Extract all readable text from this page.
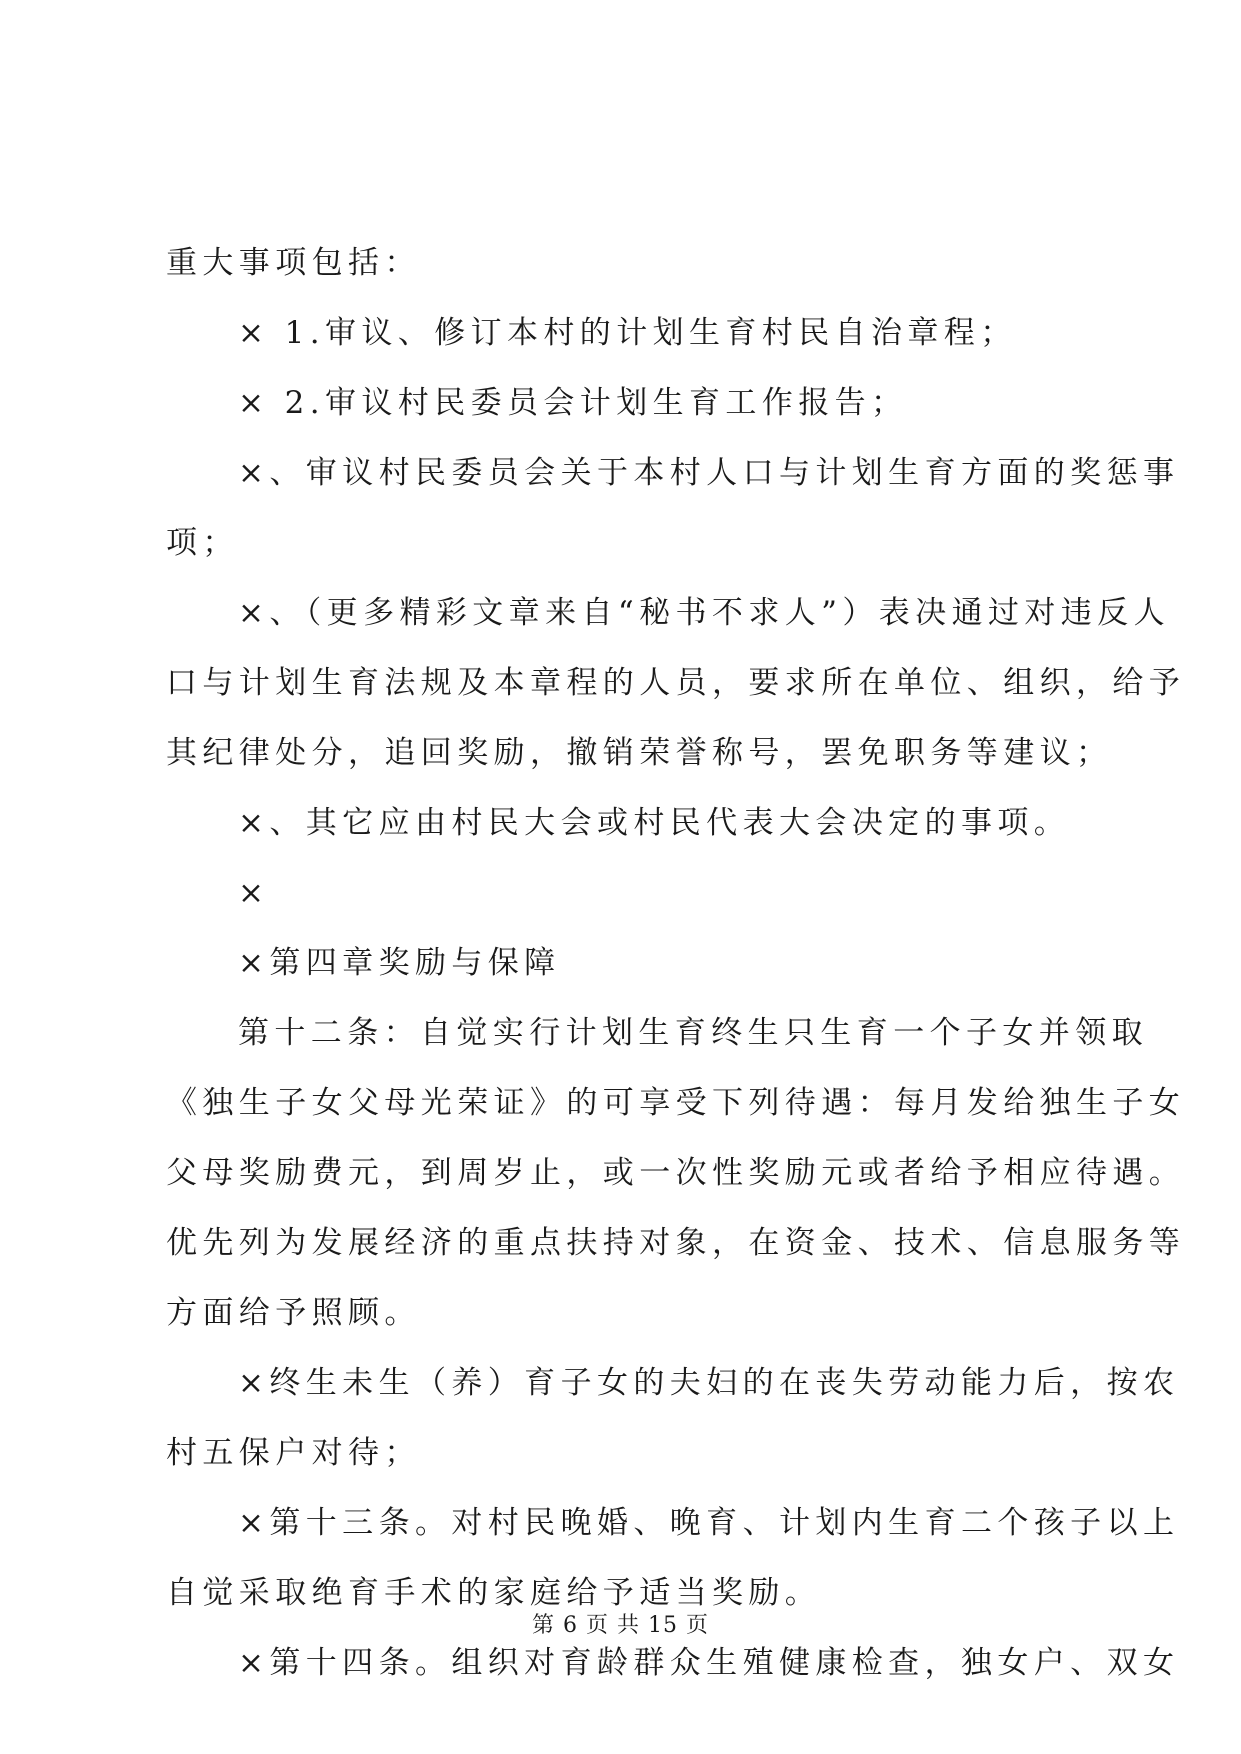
重大事项包括：
× 1.审议、修订本村的计划生育村民自治章程；
× 2.审议村民委员会计划生育工作报告；
×、审议村民委员会关于本村人口与计划生育方面的奖惩事
项；
×、（更多精彩文章来自“秘书不求人”）表决通过对违反人
口与计划生育法规及本章程的人员，要求所在单位、组织，给予
其纪律处分，追回奖励，撤销荣誉称号，罢免职务等建议；
×、其它应由村民大会或村民代表大会决定的事项。
×
×第四章奖励与保障
第十二条：自觉实行计划生育终生只生育一个子女并领取
《独生子女父母光荣证》的可享受下列待遇：每月发给独生子女
父母奖励费元，到周岁止，或一次性奖励元或者给予相应待遇。
优先列为发展经济的重点扶持对象，在资金、技术、信息服务等
方面给予照顾。
×终生未生（养）育子女的夫妇的在丧失劳动能力后，按农
村五保户对待；
×第十三条。对村民晚婚、晚育、计划内生育二个孩子以上
自觉采取绝育手术的家庭给予适当奖励。
×第十四条。组织对育龄群众生殖健康检查，独女户、双女
第 6 页 共 15 页
